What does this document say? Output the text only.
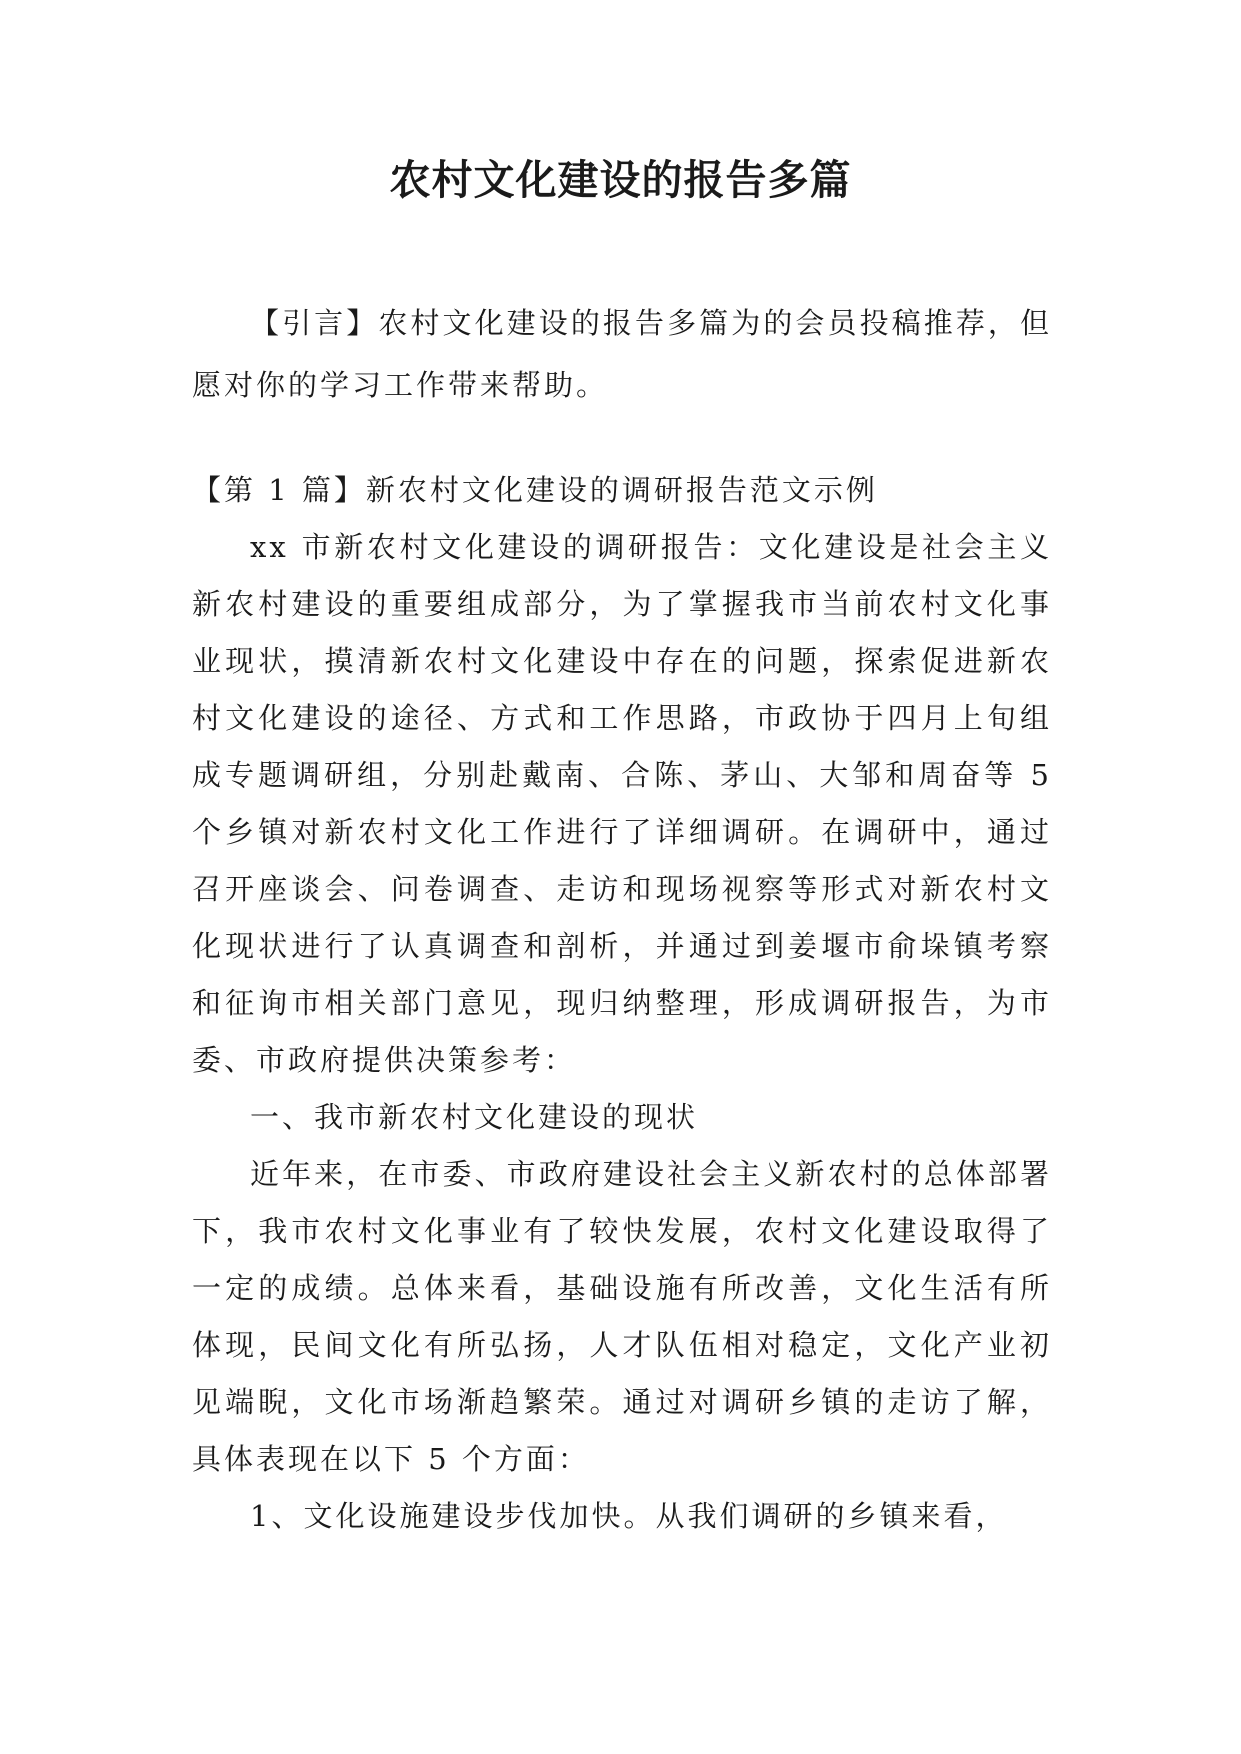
农村文化建设的报告多篇

【引言】农村文化建设的报告多篇为的会员投稿推荐，但愿对你的学习工作带来帮助。

【第 1 篇】新农村文化建设的调研报告范文示例

xx 市新农村文化建设的调研报告：文化建设是社会主义新农村建设的重要组成部分，为了掌握我市当前农村文化事业现状，摸清新农村文化建设中存在的问题，探索促进新农村文化建设的途径、方式和工作思路，市政协于四月上旬组成专题调研组，分别赴戴南、合陈、茅山、大邹和周奋等 5 个乡镇对新农村文化工作进行了详细调研。在调研中，通过召开座谈会、问卷调查、走访和现场视察等形式对新农村文化现状进行了认真调查和剖析，并通过到姜堰市俞垛镇考察和征询市相关部门意见，现归纳整理，形成调研报告，为市委、市政府提供决策参考：

一、我市新农村文化建设的现状

近年来，在市委、市政府建设社会主义新农村的总体部署下，我市农村文化事业有了较快发展，农村文化建设取得了一定的成绩。总体来看，基础设施有所改善，文化生活有所体现，民间文化有所弘扬，人才队伍相对稳定，文化产业初见端睨，文化市场渐趋繁荣。通过对调研乡镇的走访了解，具体表现在以下 5 个方面：

1、文化设施建设步伐加快。从我们调研的乡镇来看，
